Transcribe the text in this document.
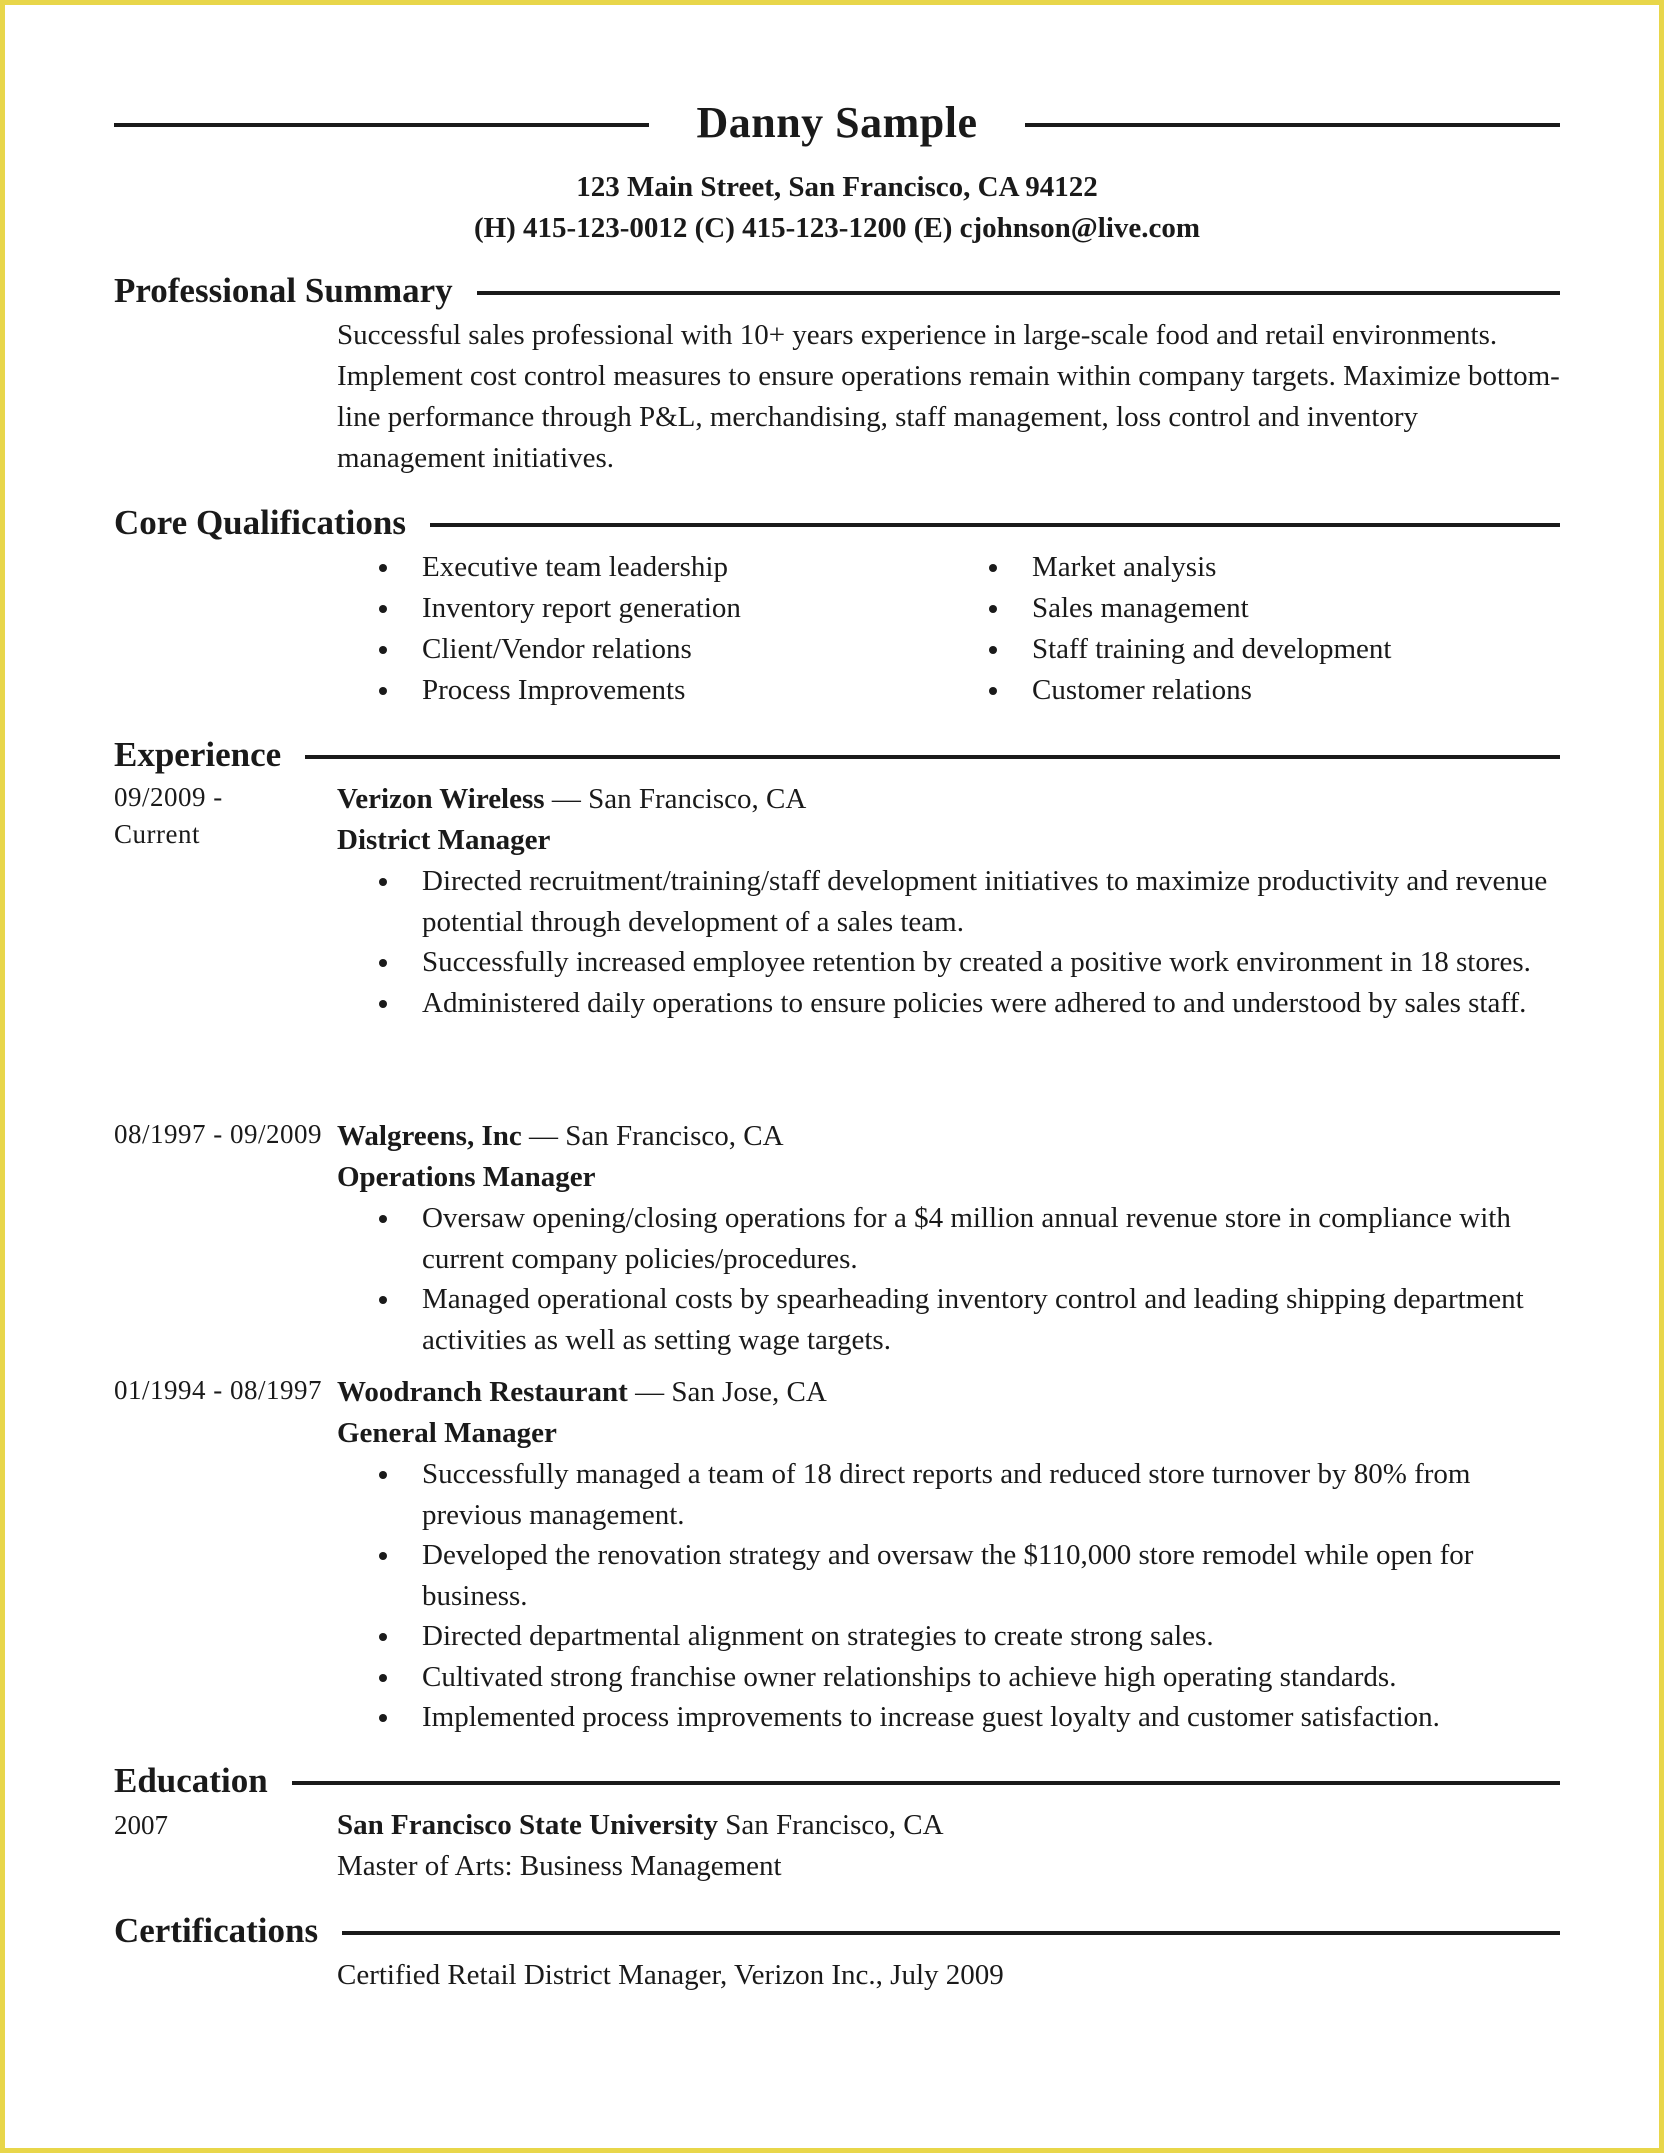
Danny Sample
123 Main Street, San Francisco, CA 94122
(H) 415-123-0012 (C) 415-123-1200 (E) cjohnson@live.com
Professional Summary
Successful sales professional with 10+ years experience in large-scale food and retail environments. Implement cost control measures to ensure operations remain within company targets. Maximize bottom-line performance through P&L, merchandising, staff management, loss control and inventory management initiatives.
Core Qualifications
Executive team leadership
Inventory report generation
Client/Vendor relations
Process Improvements
Market analysis
Sales management
Staff training and development
Customer relations
Experience
09/2009 -
Current
Verizon Wireless — San Francisco, CA
District Manager
Directed recruitment/training/staff development initiatives to maximize productivity and revenue potential through development of a sales team.
Successfully increased employee retention by created a positive work environment in 18 stores.
Administered daily operations to ensure policies were adhered to and understood by sales staff.
08/1997 - 09/2009 Walgreens, Inc — San Francisco, CA
Operations Manager
Oversaw opening/closing operations for a $4 million annual revenue store in compliance with current company policies/procedures.
Managed operational costs by spearheading inventory control and leading shipping department activities as well as setting wage targets.
01/1994 - 08/1997 Woodranch Restaurant — San Jose, CA
General Manager
Successfully managed a team of 18 direct reports and reduced store turnover by 80% from previous management.
Developed the renovation strategy and oversaw the $110,000 store remodel while open for business.
Directed departmental alignment on strategies to create strong sales.
Cultivated strong franchise owner relationships to achieve high operating standards.
Implemented process improvements to increase guest loyalty and customer satisfaction.
Education
2007	San Francisco State University San Francisco, CA
Master of Arts: Business Management
Certifications
Certified Retail District Manager, Verizon Inc., July 2009
